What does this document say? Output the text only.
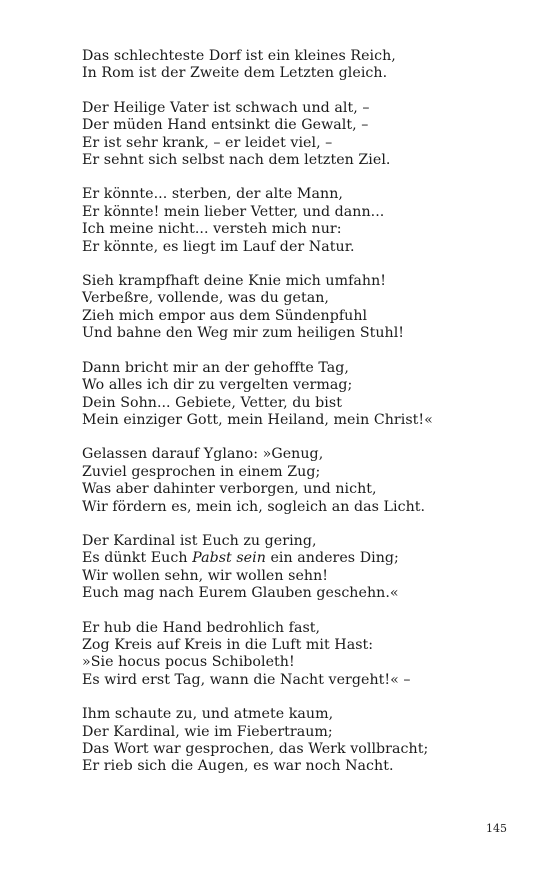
Das schlechteste Dorf ist ein kleines Reich,
In Rom ist der Zweite dem Letzten gleich.
Der Heilige Vater ist schwach und alt, –
Der müden Hand entsinkt die Gewalt, –
Er ist sehr krank, – er leidet viel, –
Er sehnt sich selbst nach dem letzten Ziel.
Er könnte... sterben, der alte Mann,
Er könnte! mein lieber Vetter, und dann...
Ich meine nicht... versteh mich nur:
Er könnte, es liegt im Lauf der Natur.
Sieh krampfhaft deine Knie mich umfahn!
Verbeßre, vollende, was du getan,
Zieh mich empor aus dem Sündenpfuhl
Und bahne den Weg mir zum heiligen Stuhl!
Dann bricht mir an der gehoffte Tag,
Wo alles ich dir zu vergelten vermag;
Dein Sohn... Gebiete, Vetter, du bist
Mein einziger Gott, mein Heiland, mein Christ!«
Gelassen darauf Yglano: »Genug,
Zuviel gesprochen in einem Zug;
Was aber dahinter verborgen, und nicht,
Wir fördern es, mein ich, sogleich an das Licht.
Der Kardinal ist Euch zu gering,
Es dünkt Euch Pabst sein ein anderes Ding;
Wir wollen sehn, wir wollen sehn!
Euch mag nach Eurem Glauben geschehn.«
Er hub die Hand bedrohlich fast,
Zog Kreis auf Kreis in die Luft mit Hast:
»Sie hocus pocus Schiboleth!
Es wird erst Tag, wann die Nacht vergeht!« –
Ihm schaute zu, und atmete kaum,
Der Kardinal, wie im Fiebertraum;
Das Wort war gesprochen, das Werk vollbracht;
Er rieb sich die Augen, es war noch Nacht.
145
